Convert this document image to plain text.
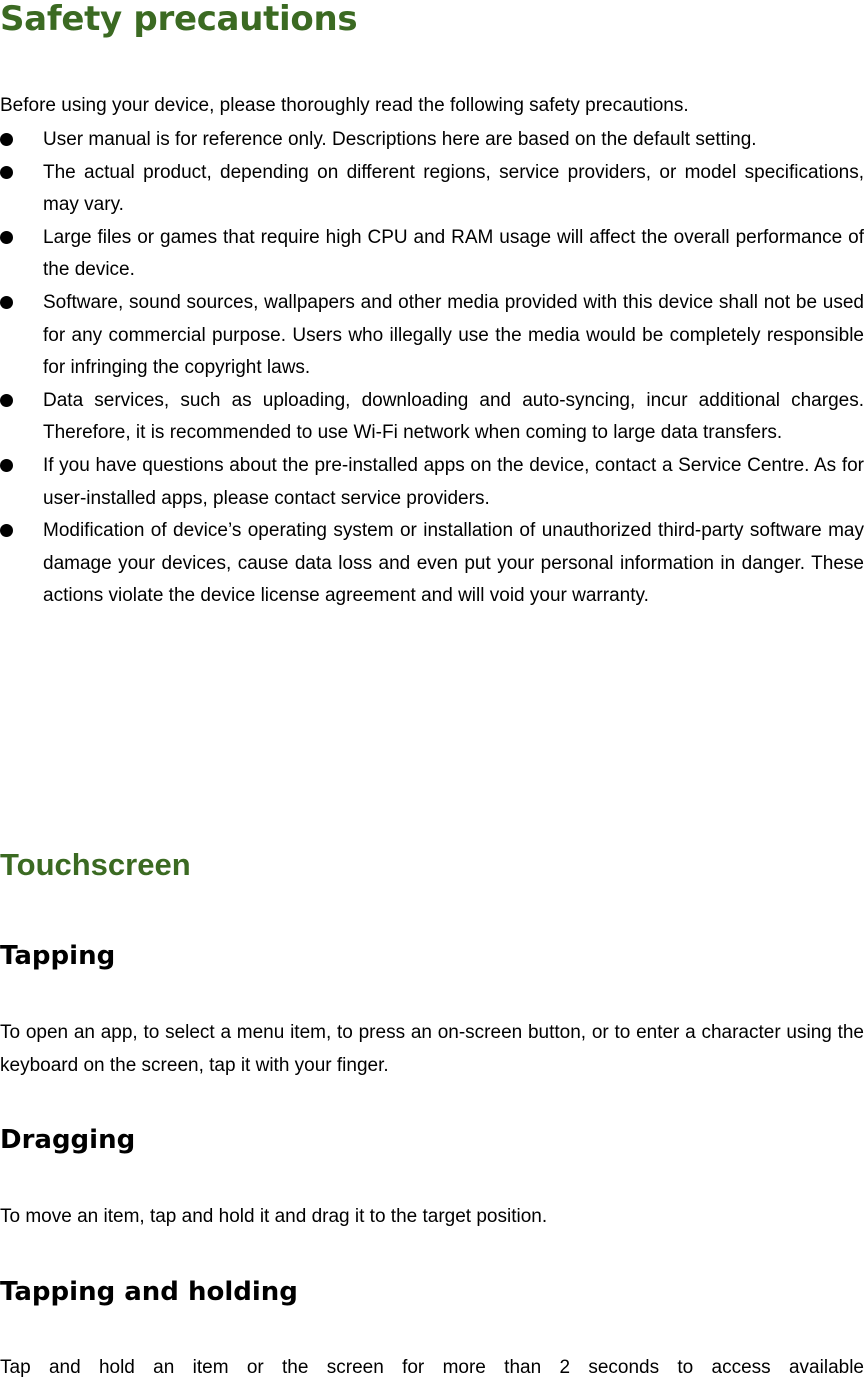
Safety precautions

Before using your device, please thoroughly read the following safety precautions.

User manual is for reference only. Descriptions here are based on the default setting.
The actual product, depending on different regions, service providers, or model specifications, may vary.
Large files or games that require high CPU and RAM usage will affect the overall performance of the device.
Software, sound sources, wallpapers and other media provided with this device shall not be used for any commercial purpose. Users who illegally use the media would be completely responsible for infringing the copyright laws.
Data services, such as uploading, downloading and auto-syncing, incur additional charges. Therefore, it is recommended to use Wi-Fi network when coming to large data transfers.
If you have questions about the pre-installed apps on the device, contact a Service Centre. As for user-installed apps, please contact service providers.
Modification of device’s operating system or installation of unauthorized third-party software may damage your devices, cause data loss and even put your personal information in danger. These actions violate the device license agreement and will void your warranty.
Touchscreen
Tapping

To open an app, to select a menu item, to press an on-screen button, or to enter a character using the keyboard on the screen, tap it with your finger.

Dragging

To move an item, tap and hold it and drag it to the target position.

Tapping and holding

Tap and hold an item or the screen for more than 2 seconds to access available
